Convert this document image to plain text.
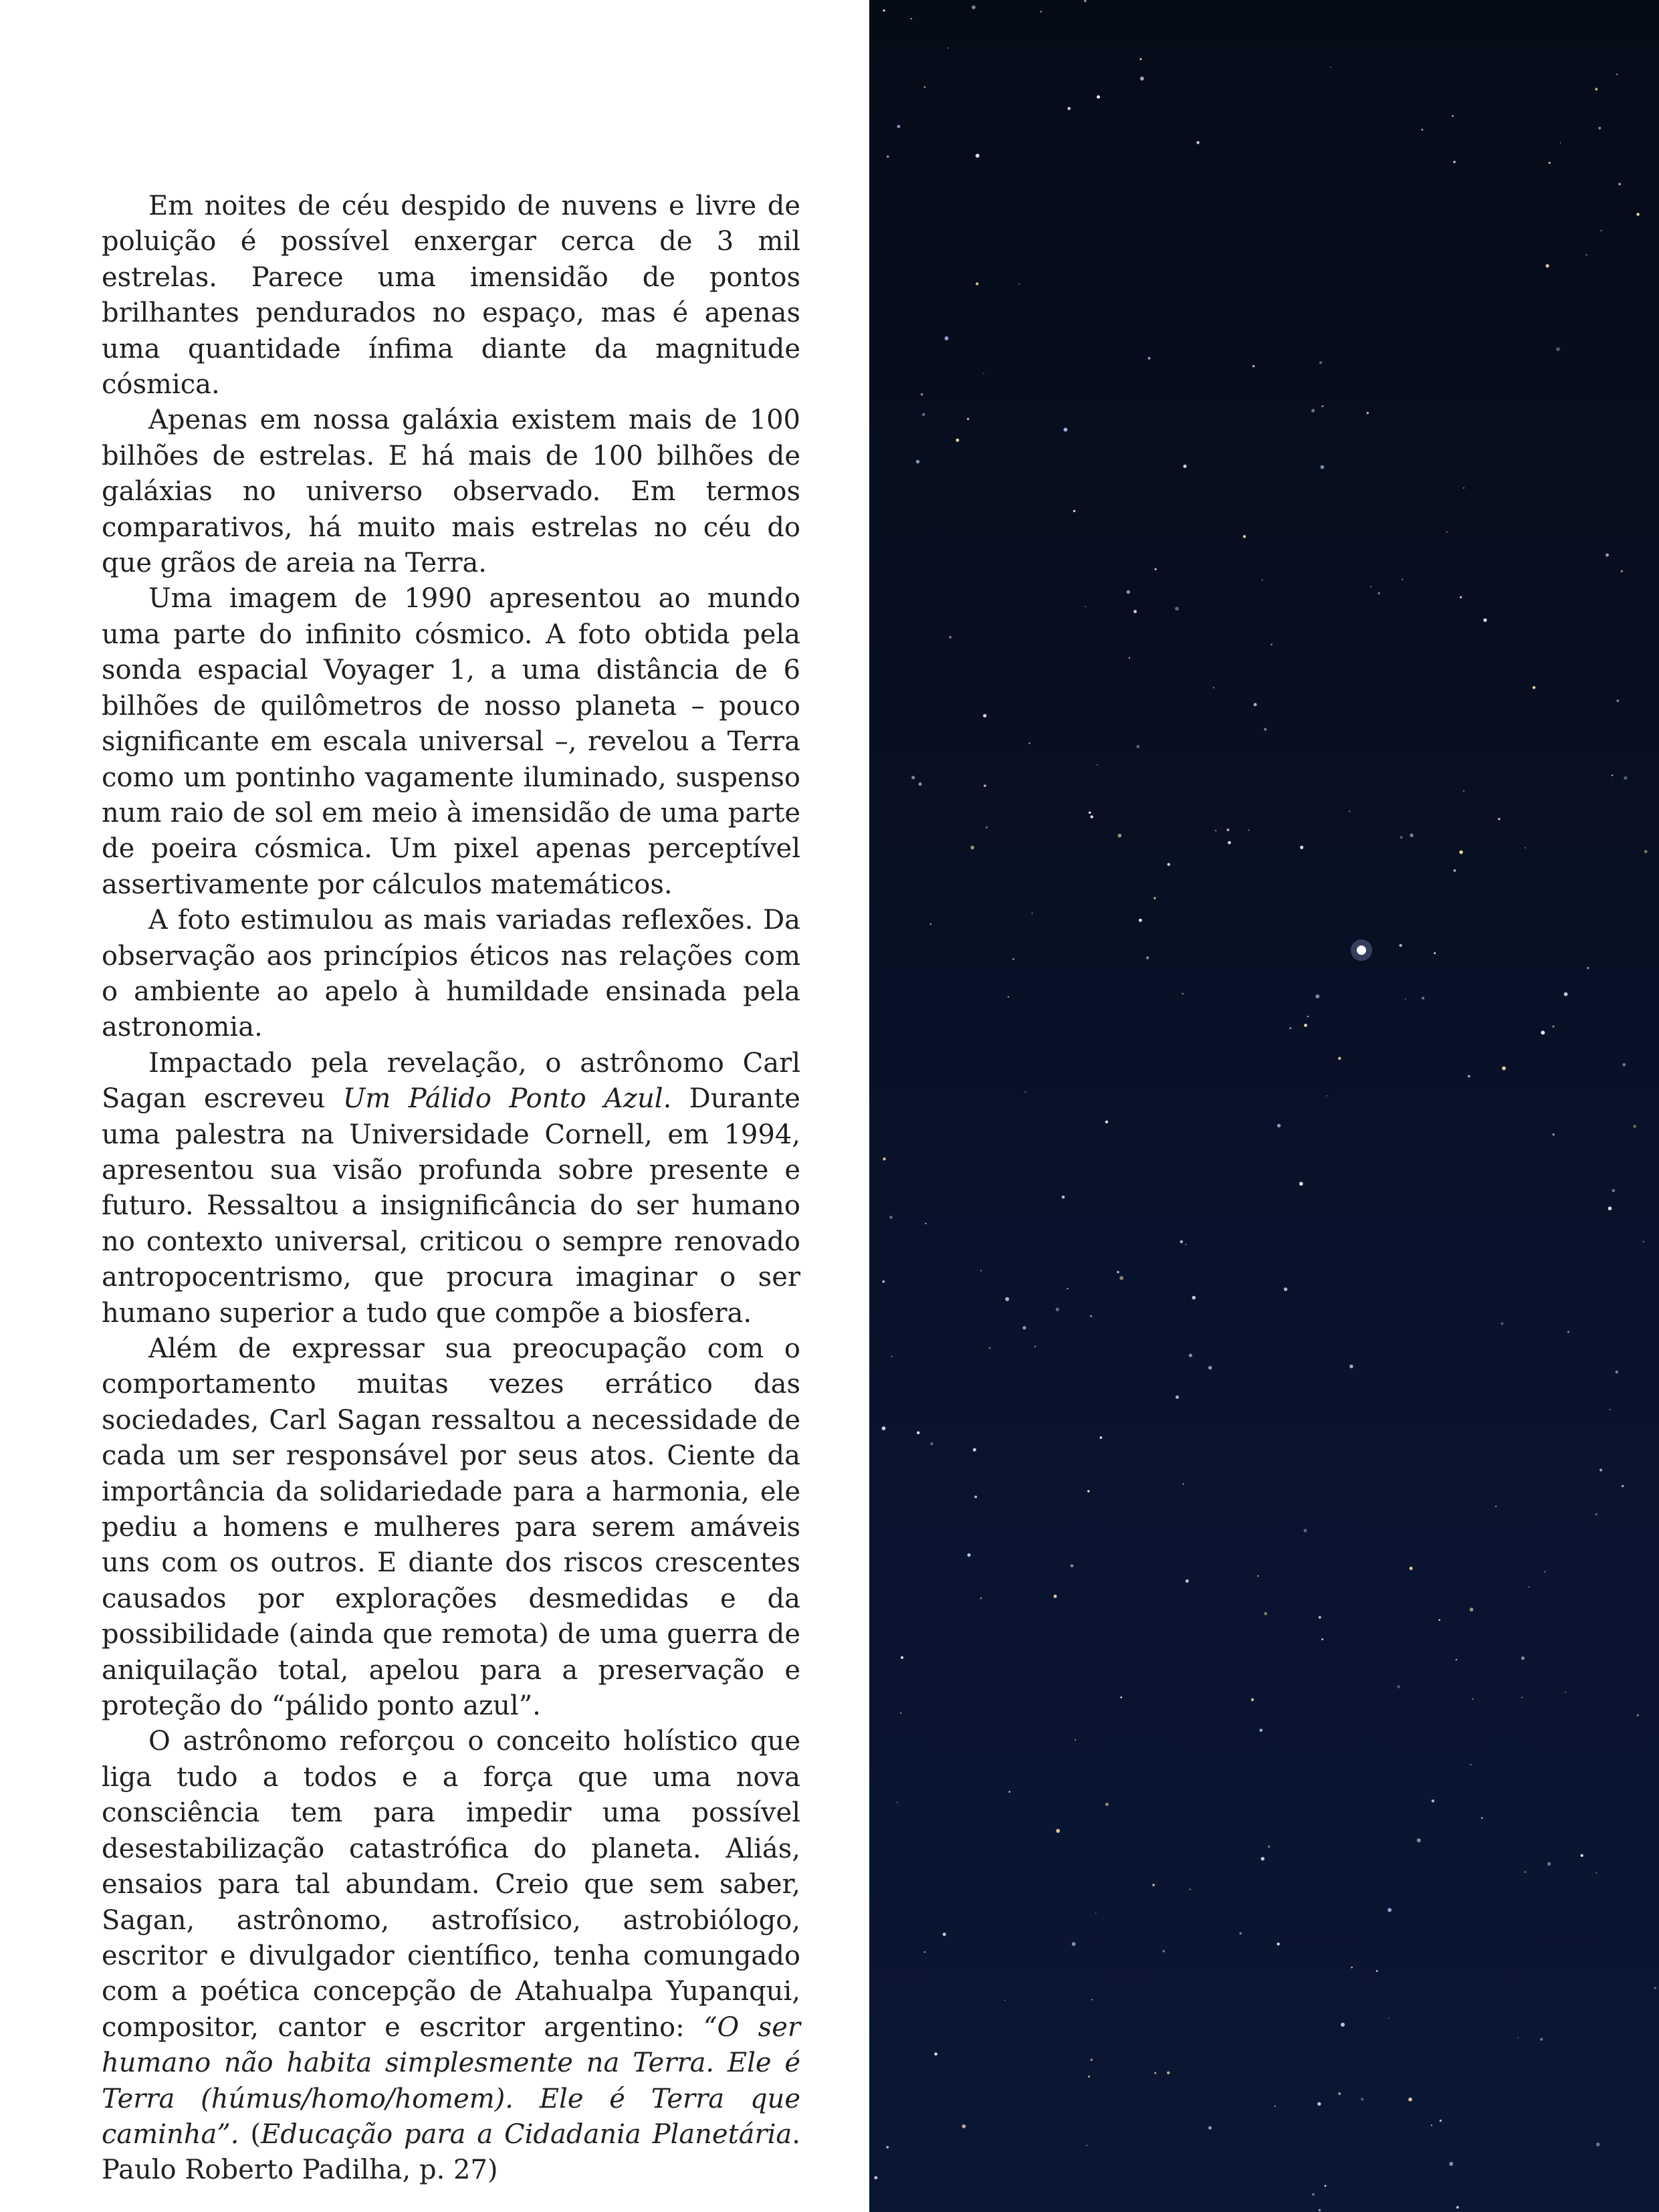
Em noites de céu despido de nuvens e livre de poluição é possível enxergar cerca de 3 mil estrelas. Parece uma imensidão de pontos brilhantes pendurados no espaço, mas é apenas uma quantidade ínfima diante da magnitude cósmica.

Apenas em nossa galáxia existem mais de 100 bilhões de estrelas. E há mais de 100 bilhões de galáxias no universo observado. Em termos comparativos, há muito mais estrelas no céu do que grãos de areia na Terra.

Uma imagem de 1990 apresentou ao mundo uma parte do infinito cósmico. A foto obtida pela sonda espacial Voyager 1, a uma distância de 6 bilhões de quilômetros de nosso planeta – pouco significante em escala universal –, revelou a Terra como um pontinho vagamente iluminado, suspenso num raio de sol em meio à imensidão de uma parte de poeira cósmica. Um pixel apenas perceptível assertivamente por cálculos matemáticos.

A foto estimulou as mais variadas reflexões. Da observação aos princípios éticos nas relações com o ambiente ao apelo à humildade ensinada pela astronomia.

Impactado pela revelação, o astrônomo Carl Sagan escreveu Um Pálido Ponto Azul. Durante uma palestra na Universidade Cornell, em 1994, apresentou sua visão profunda sobre presente e futuro. Ressaltou a insignificância do ser humano no contexto universal, criticou o sempre renovado antropocentrismo, que procura imaginar o ser humano superior a tudo que compõe a biosfera.

Além de expressar sua preocupação com o comportamento muitas vezes errático das sociedades, Carl Sagan ressaltou a necessidade de cada um ser responsável por seus atos. Ciente da importância da solidariedade para a harmonia, ele pediu a homens e mulheres para serem amáveis uns com os outros. E diante dos riscos crescentes causados por explorações desmedidas e da possibilidade (ainda que remota) de uma guerra de aniquilação total, apelou para a preservação e proteção do “pálido ponto azul”.

O astrônomo reforçou o conceito holístico que liga tudo a todos e a força que uma nova consciência tem para impedir uma possível desestabilização catastrófica do planeta. Aliás, ensaios para tal abundam. Creio que sem saber, Sagan, astrônomo, astrofísico, astrobiólogo, escritor e divulgador científico, tenha comungado com a poética concepção de Atahualpa Yupanqui, compositor, cantor e escritor argentino: “O ser humano não habita simplesmente na Terra. Ele é Terra (húmus/homo/homem). Ele é Terra que caminha”. (Educação para a Cidadania Planetária. Paulo Roberto Padilha, p. 27)
